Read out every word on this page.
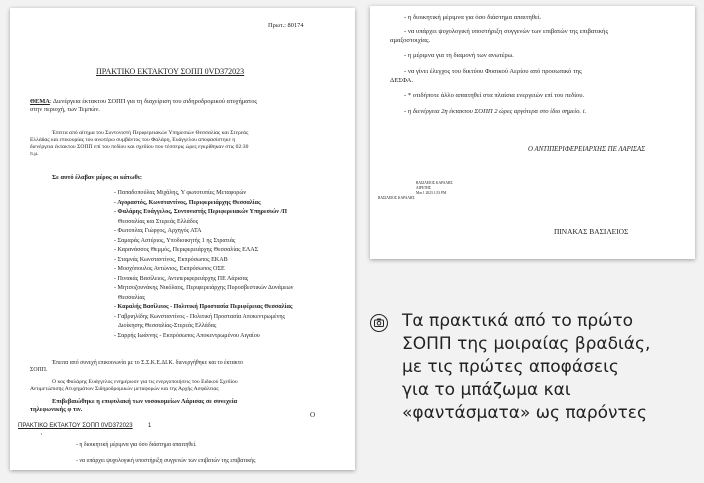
Πρωτ.: 80174
ΠΡΑΚΤΙΚΟ ΕΚΤΑΚΤΟΥ ΣΟΠΠ 0VD372023
ΘΕΜΑ: Διενέργεια έκτακτου ΣΟΠΠ για τη διαχείριση του σιδηροδρομικού ατυχήματος
στην περιοχή, των Τεμπών.
Έπειτα από αίτημα του Συντονιστή Περιφερειακών Υπηρεσιών Θεσσαλίας και Στερεάς
Ελλάδας και επικουρίας του ανωτέρω συμβάντος του Φαλάρη, Ευάγγελου αποφασίστηκε η
διενέργεια έκτακτου ΣΟΠΠ επί του πεδίου και σχεδίου που τέσσερις ώρες εγκρίθηκαν στις 02:30
π.μ.
Σε αυτό έλαβαν μέρος οι κάτωθι:
- Παπαδοπούλας Μιχάλης, Υ φωτοτυπίες Μεταφορών
- Αγοραστός, Κωνσταντίνος, Περιφερειάρχης Θεσσαλίας
- Φαλάρης Ευάγγελος, Συντονιστής Περιφερειακών Υπηρεσιών /Π
Θεσσαλίας και Στερεάς Ελλάδος
- Φωτοπλας Γιώργος, Αρχηγός ΑΤΑ
- Σαμαράς Αστέριος, Υποδιοικητής 1 ης Στρατιάς
- Καρανάσσος Θεμμός, Περιφερειάρχης Θεσσαλίας ΕΛΑΣ
- Σταμνάς Κωνσταντίνος, Εκπρόσωπος ΕΚΑΒ
- Μοσχόπουλος Αντώνιος, Εκπρόσωπος ΟΣΕ
- Πινακάς Βασίλειος, Αντιπεριφερειάρχης ΠΕ Λάρισας
- Μητσοζουνάκης Νικόλαος, Περιφερειάρχης Πυροσβεστικών Δυνάμεων
Θεσσαλίας
- Καραλής Βασίλειος - Πολιτική Προστασία Περιφέρειας Θεσσαλίας
- Γαβριηλίδης Κωνσταντίνος - Πολιτική Προστασία Αποκεντρωμένης
Διοίκησης Θεσσαλίας-Στερεάς Ελλάδας
- Σαρρής Ιωάννης - Εκπρόσωπος Αποκεντρωμένου Αιγαίου
Έπειτα από συνεχή επικοινωνία με το Σ.Σ.Κ.Ε.ΔΙ.Κ. διενεργήθηκε και το έκτακτο
ΣΟΠΠ.
Ο κος Φαλάρης Ευάγγελος ενημέρωσε για τις ενεργοποιήσεις του Ειδικού Σχεδίου
Αντιμετώπισης Ατυχημάτων Σιδηροδρομικών μεταφορών και της Αρχής Ασφάλειας
Επιβεβαιώθηκε η επιφυλακή των νοσοκομείων Λάρισας σε συνεχεία
τηλεφωνικής φ τιν.
Ο
ΠΡΑΚΤΙΚΟ ΕΚΤΑΚΤΟΥ ΣΟΠΠ 0VD372023	1
·
- η διοικητική μέριμνα για όσο διάστημα απαιτηθεί.
- να υπάρχει ψυχολογική υποστήριξη συγγενών των επιβατών της επιβατικής
- η διοικητική μέριμνα για όσο διάστημα απαιτηθεί.
- να υπάρχει ψυχολογική υποστήριξη συγγενών των επιβατών της επιβατικής
αμαξοστοιχίας.
- η μέριμνα για τη διαμονή των ανωτέρω.
- να γίνει έλεγχος του δικτύου Φυσικού Αερίου από προσωπικό της
ΔΕΣΦΑ.
- * οτιδήποτε άλλο απαιτηθεί στα πλαίσια ενεργειών επί του πεδίου.
- η διενέργεια 2η έκτακτου ΣΟΠΠ 2 ώρες αργότερα στο ίδιο σημείο. i.
Ο ΑΝΤΙΠΕΡΙΦΕΡΕΙΑΡΧΗΣ ΠΕ ΛΑΡΙΣΑΣ
ΒΑΣΙΛΕΙΟΣ ΚΑΡΑΛΗΣ
ΑΙΡΕΤΗΣ
Mar 1 2023 1:53 PM
ΒΑΣΙΛΕΙΟΣ ΚΑΡΑΛΗΣ
ΠΙΝΑΚΑΣ ΒΑΣΙΛΕΙΟΣ
Τα πρακτικά από το πρώτο
ΣΟΠΠ της μοιραίας βραδιάς,
με τις πρώτες αποφάσεις
για το μπάζωμα και
«φαντάσματα» ως παρόντες
